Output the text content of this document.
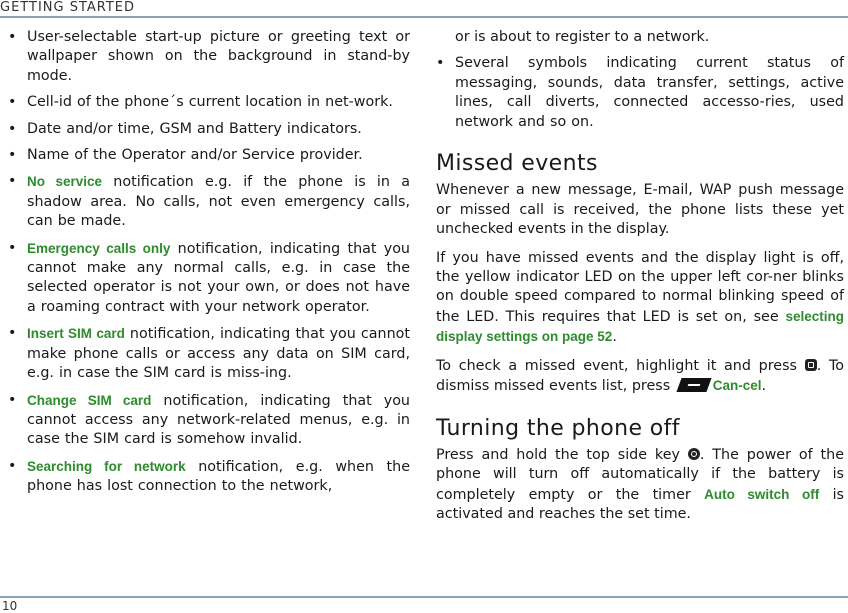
GETTING STARTED
• User-selectable start-up picture or greeting text or wallpaper shown on the background in stand-by mode.
• Cell-id of the phone´s current location in net-work.
• Date and/or time, GSM and Battery indicators.
• Name of the Operator and/or Service provider.
• No service notification e.g. if the phone is in a shadow area. No calls, not even emergency calls, can be made.
• Emergency calls only notification, indicating that you cannot make any normal calls, e.g. in case the selected operator is not your own, or does not have a roaming contract with your network operator.
• Insert SIM card notification, indicating that you cannot make phone calls or access any data on SIM card, e.g. in case the SIM card is miss-ing.
• Change SIM card notification, indicating that you cannot access any network-related menus, e.g. in case the SIM card is somehow invalid.
• Searching for network notification, e.g. when the phone has lost connection to the network,

or is about to register to a network.

• Several symbols indicating current status of messaging, sounds, data transfer, settings, active lines, call diverts, connected accesso-ries, used network and so on.
Missed events

Whenever a new message, E-mail, WAP push message or missed call is received, the phone lists these yet unchecked events in the display.

If you have missed events and the display light is off, the yellow indicator LED on the upper left cor-ner blinks on double speed compared to normal blinking speed of the LED. This requires that LED is set on, see selecting display settings on page 52.

To check a missed event, highlight it and press . To dismiss missed events list, press	Can-cel.

Turning the phone off

Press and hold the top side key . The power of the phone will turn off automatically if the battery is completely empty or the timer Auto switch off is activated and reaches the set time.

10
